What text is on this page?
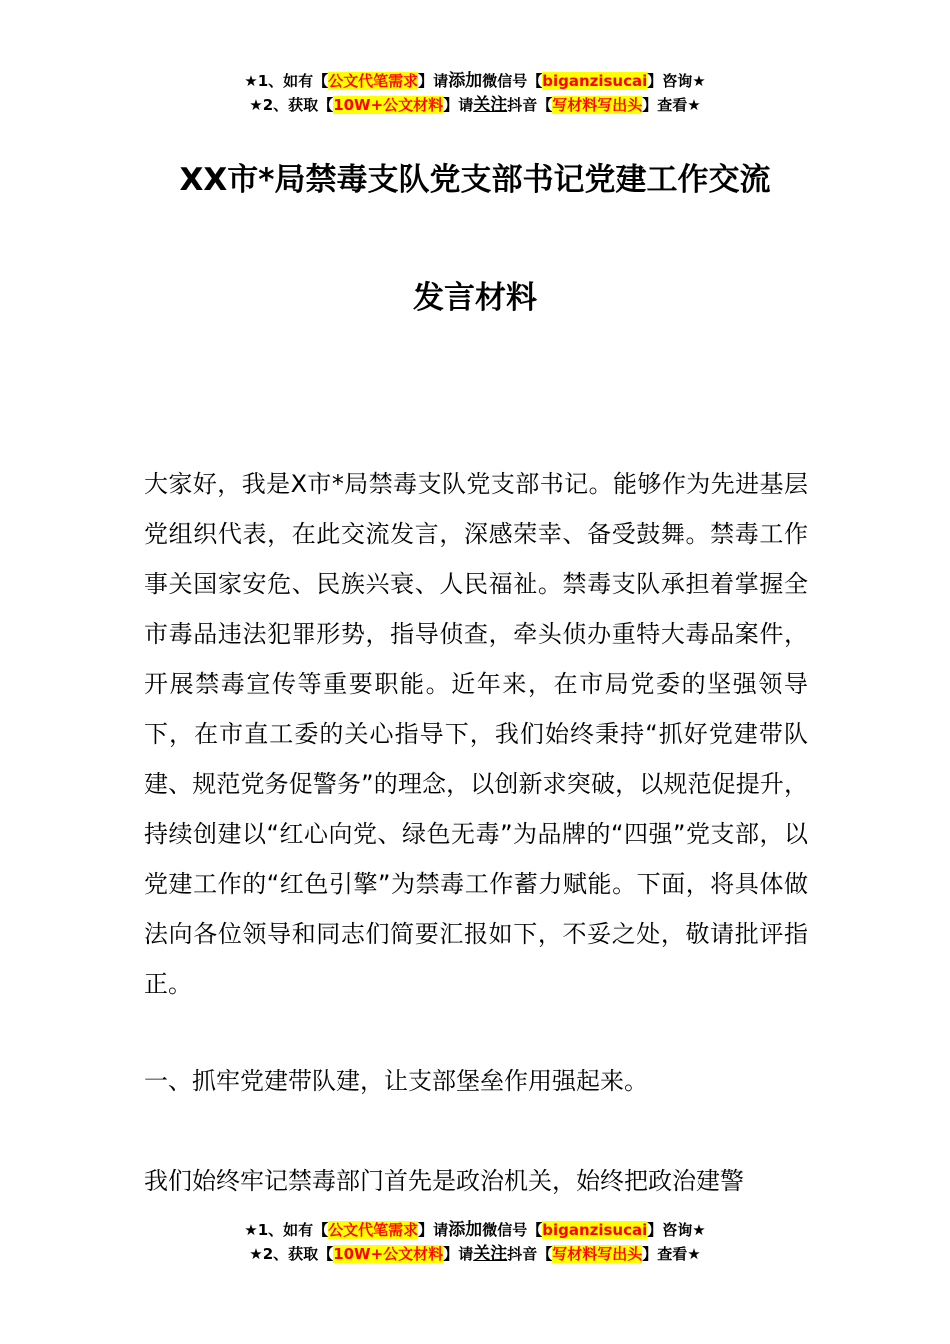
★1、如有【公文代笔需求】请添加微信号【biganzisucai】咨询★
★2、获取【10W+公文材料】请关注抖音【写材料写出头】查看★
XX市*局禁毒支队党支部书记党建工作交流
发言材料
大家好，我是X市*局禁毒支队党支部书记。能够作为先进基层党组织代表，在此交流发言，深感荣幸、备受鼓舞。禁毒工作事关国家安危、民族兴衰、人民福祉。禁毒支队承担着掌握全市毒品违法犯罪形势，指导侦查，牵头侦办重特大毒品案件，开展禁毒宣传等重要职能。近年来，在市局党委的坚强领导下，在市直工委的关心指导下，我们始终秉持“抓好党建带队建、规范党务促警务”的理念，以创新求突破，以规范促提升，持续创建以“红心向党、绿色无毒”为品牌的“四强”党支部，以党建工作的“红色引擎”为禁毒工作蓄力赋能。下面，将具体做法向各位领导和同志们简要汇报如下，不妥之处，敬请批评指正。
一、抓牢党建带队建，让支部堡垒作用强起来。
我们始终牢记禁毒部门首先是政治机关，始终把政治建警
★1、如有【公文代笔需求】请添加微信号【biganzisucai】咨询★
★2、获取【10W+公文材料】请关注抖音【写材料写出头】查看★
